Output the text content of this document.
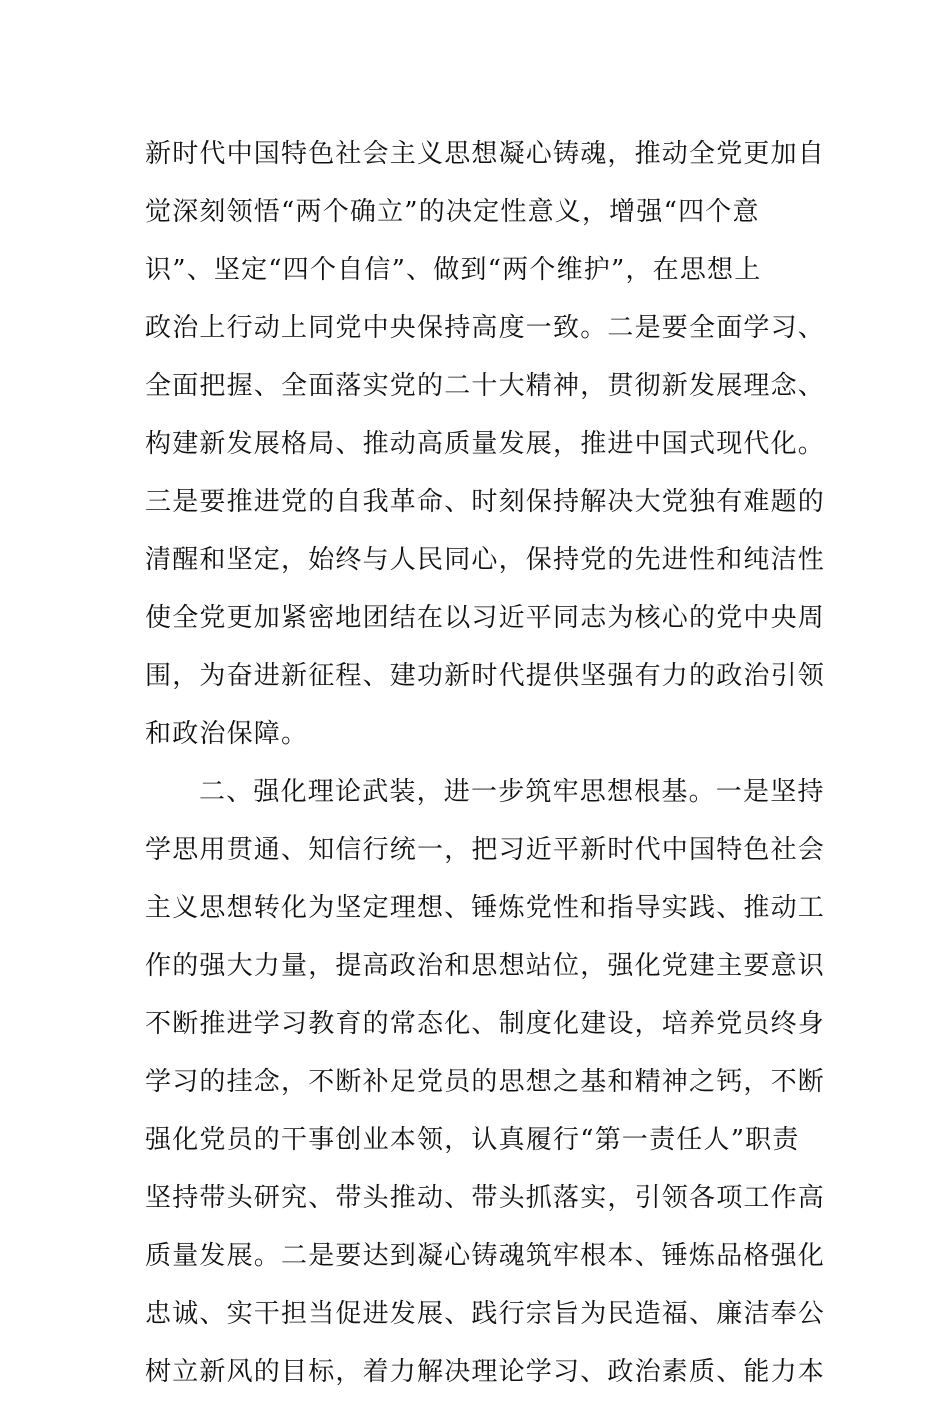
新时代中国特色社会主义思想凝心铸魂，推动全党更加自
觉深刻领悟“两个确立”的决定性意义，增强“四个意
识”、坚定“四个自信”、做到“两个维护”，在思想上
政治上行动上同党中央保持高度一致。二是要全面学习、
全面把握、全面落实党的二十大精神，贯彻新发展理念、
构建新发展格局、推动高质量发展，推进中国式现代化。
三是要推进党的自我革命、时刻保持解决大党独有难题的
清醒和坚定，始终与人民同心，保持党的先进性和纯洁性
使全党更加紧密地团结在以习近平同志为核心的党中央周
围，为奋进新征程、建功新时代提供坚强有力的政治引领
和政治保障。
二、强化理论武装，进一步筑牢思想根基。一是坚持
学思用贯通、知信行统一，把习近平新时代中国特色社会
主义思想转化为坚定理想、锤炼党性和指导实践、推动工
作的强大力量，提高政治和思想站位，强化党建主要意识
不断推进学习教育的常态化、制度化建设，培养党员终身
学习的挂念，不断补足党员的思想之基和精神之钙，不断
强化党员的干事创业本领，认真履行“第一责任人”职责
坚持带头研究、带头推动、带头抓落实，引领各项工作高
质量发展。二是要达到凝心铸魂筑牢根本、锤炼品格强化
忠诚、实干担当促进发展、践行宗旨为民造福、廉洁奉公
树立新风的目标，着力解决理论学习、政治素质、能力本
